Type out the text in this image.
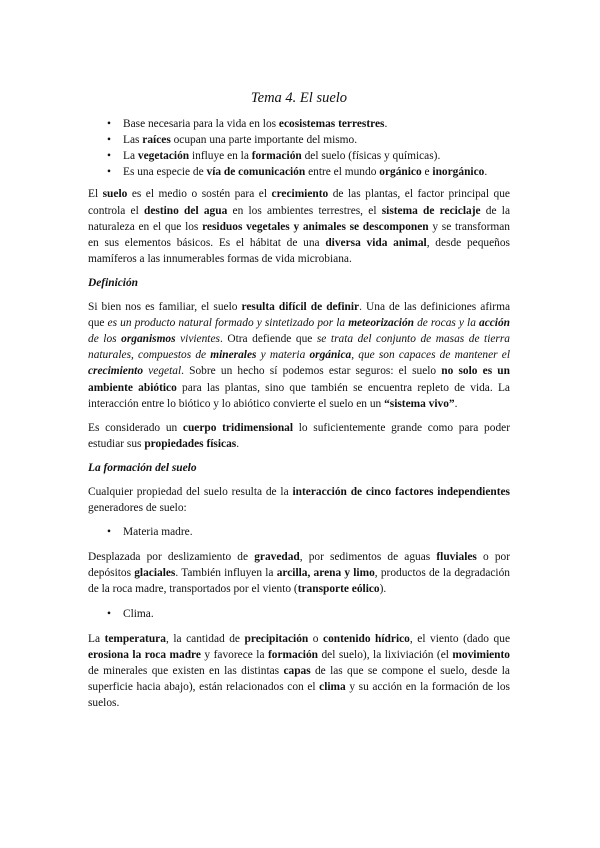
Tema 4. El suelo
• Base necesaria para la vida en los ecosistemas terrestres.
• Las raíces ocupan una parte importante del mismo.
• La vegetación influye en la formación del suelo (físicas y químicas).
• Es una especie de vía de comunicación entre el mundo orgánico e inorgánico.

El suelo es el medio o sostén para el crecimiento de las plantas, el factor principal que controla el destino del agua en los ambientes terrestres, el sistema de reciclaje de la naturaleza en el que los residuos vegetales y animales se descomponen y se transforman en sus elementos básicos. Es el hábitat de una diversa vida animal, desde pequeños mamíferos a las innumerables formas de vida microbiana.

Definición

Si bien nos es familiar, el suelo resulta difícil de definir. Una de las definiciones afirma que es un producto natural formado y sintetizado por la meteorización de rocas y la acción de los organismos vivientes. Otra defiende que se trata del conjunto de masas de tierra naturales, compuestos de minerales y materia orgánica, que son capaces de mantener el crecimiento vegetal. Sobre un hecho sí podemos estar seguros: el suelo no solo es un ambiente abiótico para las plantas, sino que también se encuentra repleto de vida. La interacción entre lo biótico y lo abiótico convierte el suelo en un “sistema vivo”.

Es considerado un cuerpo tridimensional lo suficientemente grande como para poder estudiar sus propiedades físicas.

La formación del suelo

Cualquier propiedad del suelo resulta de la interacción de cinco factores independientes generadores de suelo:

• Materia madre.

Desplazada por deslizamiento de gravedad, por sedimentos de aguas fluviales o por depósitos glaciales. También influyen la arcilla, arena y limo, productos de la degradación de la roca madre, transportados por el viento (transporte eólico).

• Clima.

La temperatura, la cantidad de precipitación o contenido hídrico, el viento (dado que erosiona la roca madre y favorece la formación del suelo), la lixiviación (el movimiento de minerales que existen en las distintas capas de las que se compone el suelo, desde la superficie hacia abajo), están relacionados con el clima y su acción en la formación de los suelos.
